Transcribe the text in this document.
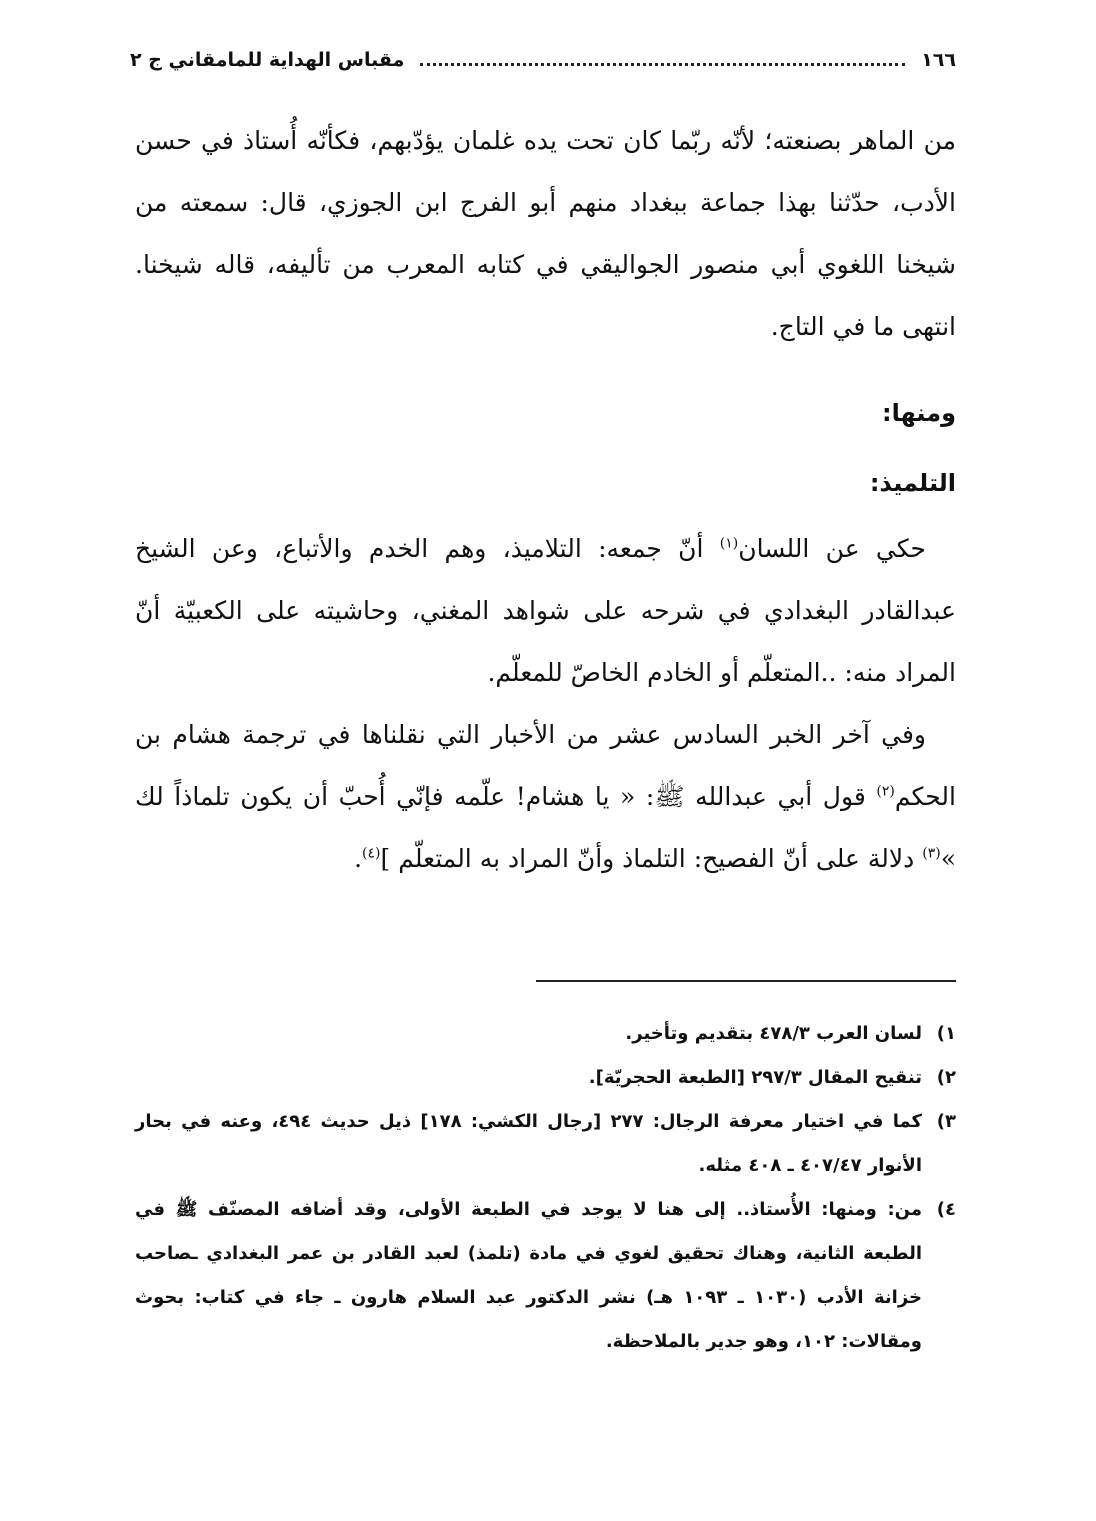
١٦٦
مقباس الهداية للمامقاني ج ٢

من الماهر بصنعته؛ لأنّه ربّما كان تحت يده غلمان يؤدّبهم، فكأنّه أُستاذ في حسن الأدب، حدّثنا بهذا جماعة ببغداد منهم أبو الفرج ابن الجوزي، قال: سمعته من شيخنا اللغوي أبي منصور الجواليقي في كتابه المعرب من تأليفه، قاله شيخنا. انتهى ما في التاج.

ومنها:

التلميذ:

حكي عن اللسان$^{(١)}$ أنّ جمعه: التلاميذ، وهم الخدم والأتباع، وعن الشيخ عبدالقادر البغدادي في شرحه على شواهد المغني، وحاشيته على الكعبيّة أنّ المراد منه: ..المتعلّم أو الخادم الخاصّ للمعلّم.

وفي آخر الخبر السادس عشر من الأخبار التي نقلناها في ترجمة هشام بن الحكم$^{(٢)}$ قول أبي عبدالله ﷺ: « يا هشام! علّمه فإنّي أُحبّ أن يكون تلماذاً لك »$^{(٣)}$ دلالة على أنّ الفصيح: التلماذ وأنّ المراد به المتعلّم ]$^{(٤)}$.

١)
لسان العرب ٤٧٨/٣ بتقديم وتأخير.
٢)
تنقيح المقال ٢٩٧/٣ [الطبعة الحجريّة].
٣)
كما في اختيار معرفة الرجال: ٢٧٧ [رجال الكشي: ١٧٨] ذيل حديث ٤٩٤، وعنه في بحار الأنوار ٤٠٧/٤٧ ـ ٤٠٨ مثله.
٤)
من: ومنها: الأُستاذ.. إلى هنا لا يوجد في الطبعة الأولى، وقد أضافه المصنّف ﷺ في الطبعة الثانية، وهناك تحقيق لغوي في مادة (تلمذ) لعبد القادر بن عمر البغدادي ـصاحب خزانة الأدب (١٠٣٠ ـ ١٠٩٣ هـ) نشر الدكتور عبد السلام هارون ـ جاء في كتاب: بحوث ومقالات: ١٠٢، وهو جدير بالملاحظة.
